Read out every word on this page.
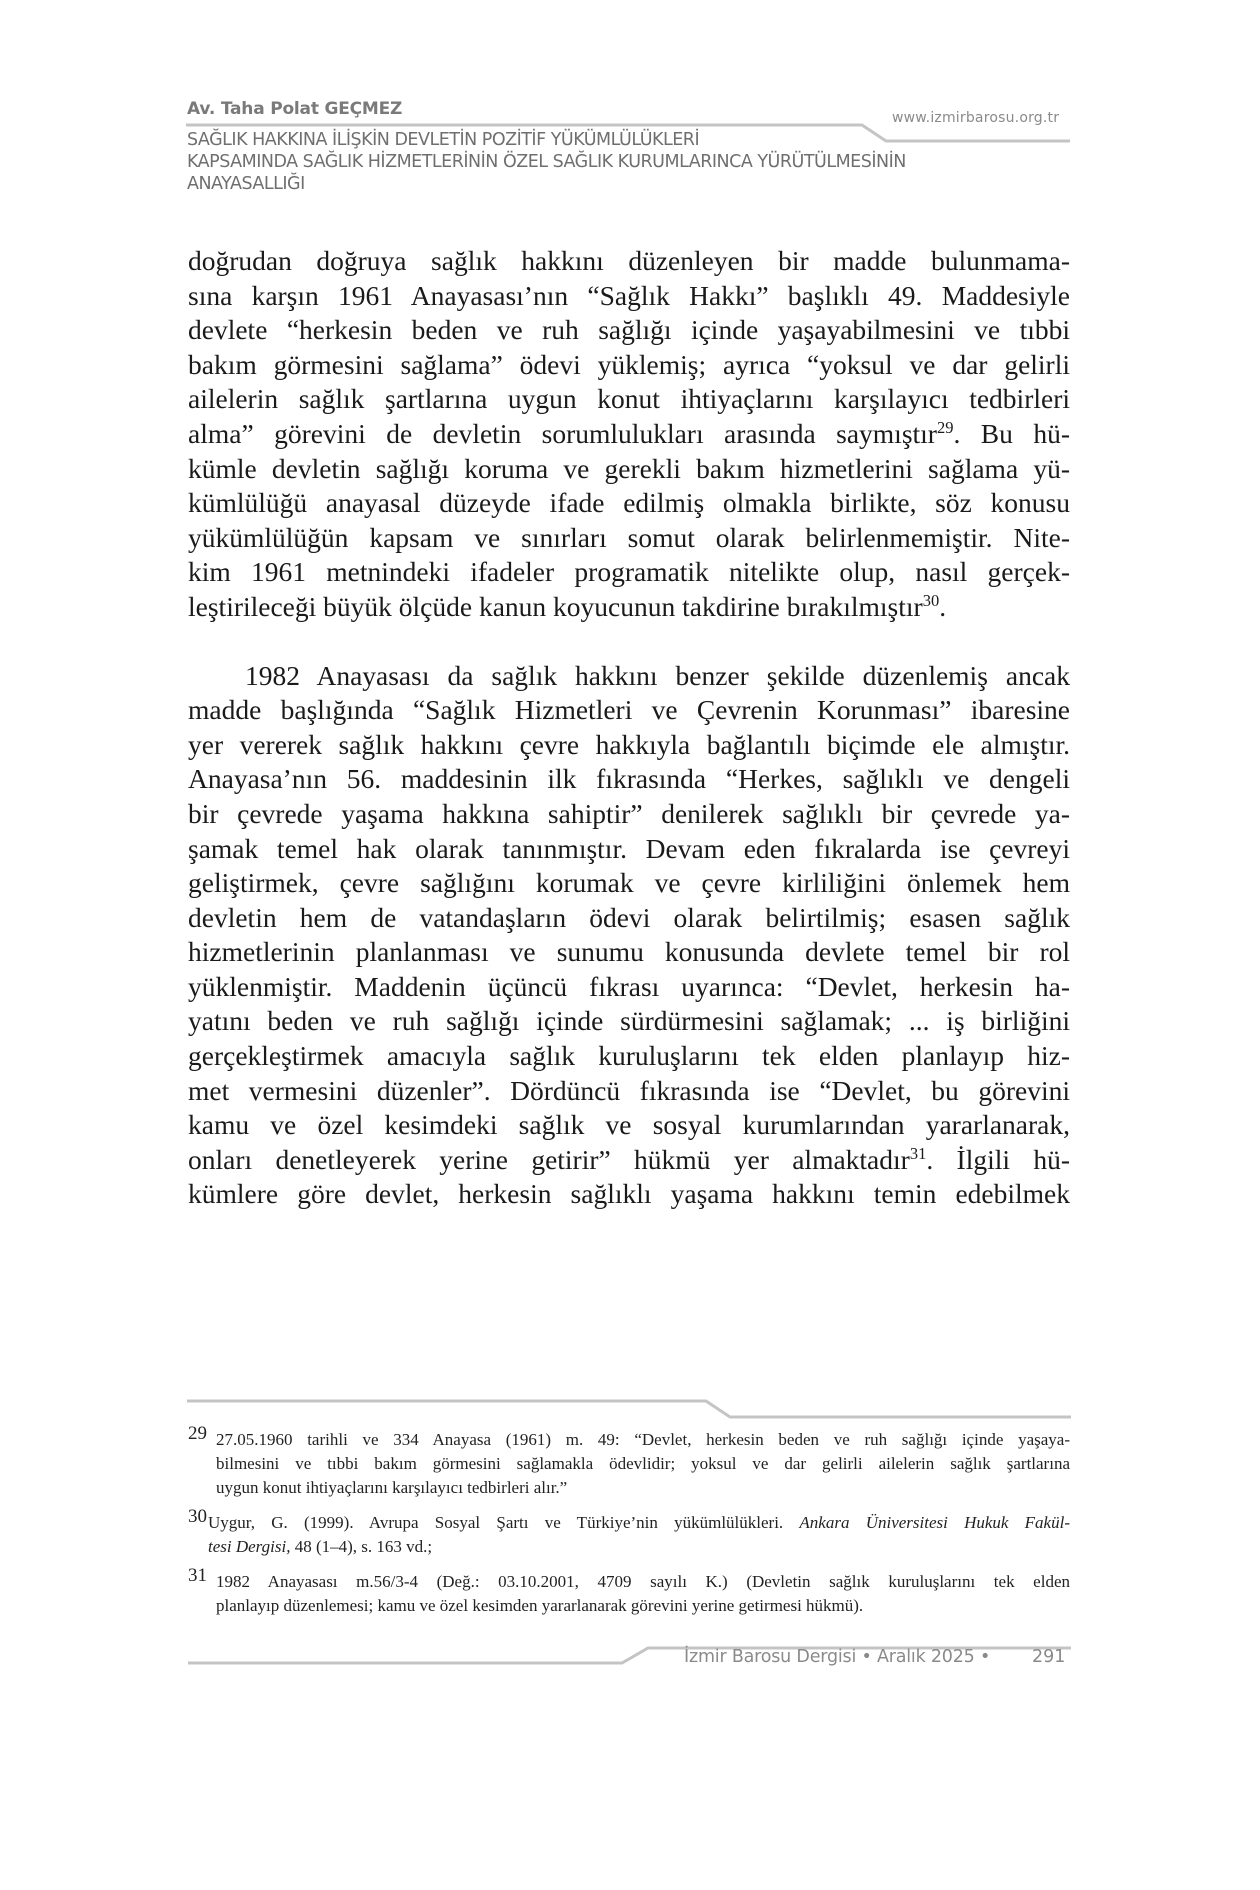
Av. Taha Polat GEÇMEZ	www.izmirbarosu.org.tr
SAĞLIK HAKKINA İLİŞKİN DEVLETİN POZİTİF YÜKÜMLÜLÜKLERİ
KAPSAMINDA SAĞLIK HİZMETLERİNİN ÖZEL SAĞLIK KURUMLARINCA YÜRÜTÜLMESİNİN
ANAYASALLIĞI

doğrudan doğruya sağlık hakkını düzenleyen bir madde bulunmama-
sına karşın 1961 Anayasası’nın “Sağlık Hakkı” başlıklı 49. Maddesiyle
devlete “herkesin beden ve ruh sağlığı içinde yaşayabilmesini ve tıbbi
bakım görmesini sağlama” ödevi yüklemiş; ayrıca “yoksul ve dar gelirli
ailelerin sağlık şartlarına uygun konut ihtiyaçlarını karşılayıcı tedbirleri
alma” görevini de devletin sorumlulukları arasında saymıştır$^{29}$. Bu hü-
kümle devletin sağlığı koruma ve gerekli bakım hizmetlerini sağlama yü-
kümlülüğü anayasal düzeyde ifade edilmiş olmakla birlikte, söz konusu
yükümlülüğün kapsam ve sınırları somut olarak belirlenmemiştir. Nite-
kim 1961 metnindeki ifadeler programatik nitelikte olup, nasıl gerçek-
leştirileceği büyük ölçüde kanun koyucunun takdirine bırakılmıştır$^{30}$.

1982 Anayasası da sağlık hakkını benzer şekilde düzenlemiş ancak
madde başlığında “Sağlık Hizmetleri ve Çevrenin Korunması” ibaresine
yer vererek sağlık hakkını çevre hakkıyla bağlantılı biçimde ele almıştır.
Anayasa’nın 56. maddesinin ilk fıkrasında “Herkes, sağlıklı ve dengeli
bir çevrede yaşama hakkına sahiptir” denilerek sağlıklı bir çevrede ya-
şamak temel hak olarak tanınmıştır. Devam eden fıkralarda ise çevreyi
geliştirmek, çevre sağlığını korumak ve çevre kirliliğini önlemek hem
devletin hem de vatandaşların ödevi olarak belirtilmiş; esasen sağlık
hizmetlerinin planlanması ve sunumu konusunda devlete temel bir rol
yüklenmiştir. Maddenin üçüncü fıkrası uyarınca: “Devlet, herkesin ha-
yatını beden ve ruh sağlığı içinde sürdürmesini sağlamak; ... iş birliğini
gerçekleştirmek amacıyla sağlık kuruluşlarını tek elden planlayıp hiz-
met vermesini düzenler”. Dördüncü fıkrasında ise “Devlet, bu görevini
kamu ve özel kesimdeki sağlık ve sosyal kurumlarından yararlanarak,
onları denetleyerek yerine getirir” hükmü yer almaktadır$^{31}$. İlgili hü-
kümlere göre devlet, herkesin sağlıklı yaşama hakkını temin edebilmek

29 27.05.1960 tarihli ve 334 Anayasa (1961) m. 49: “Devlet, herkesin beden ve ruh sağlığı içinde yaşaya-
bilmesini ve tıbbi bakım görmesini sağlamakla ödevlidir; yoksul ve dar gelirli ailelerin sağlık şartlarına
uygun konut ihtiyaçlarını karşılayıcı tedbirleri alır.”
30 Uygur, G. (1999). Avrupa Sosyal Şartı ve Türkiye’nin yükümlülükleri. Ankara Üniversitesi Hukuk Fakül-
tesi Dergisi, 48 (1–4), s. 163 vd.;
31 1982 Anayasası m.56/3-4 (Değ.: 03.10.2001, 4709 sayılı K.) (Devletin sağlık kuruluşlarını tek elden
planlayıp düzenlemesi; kamu ve özel kesimden yararlanarak görevini yerine getirmesi hükmü).
İzmir Barosu Dergisi • Aralık 2025 • 291
